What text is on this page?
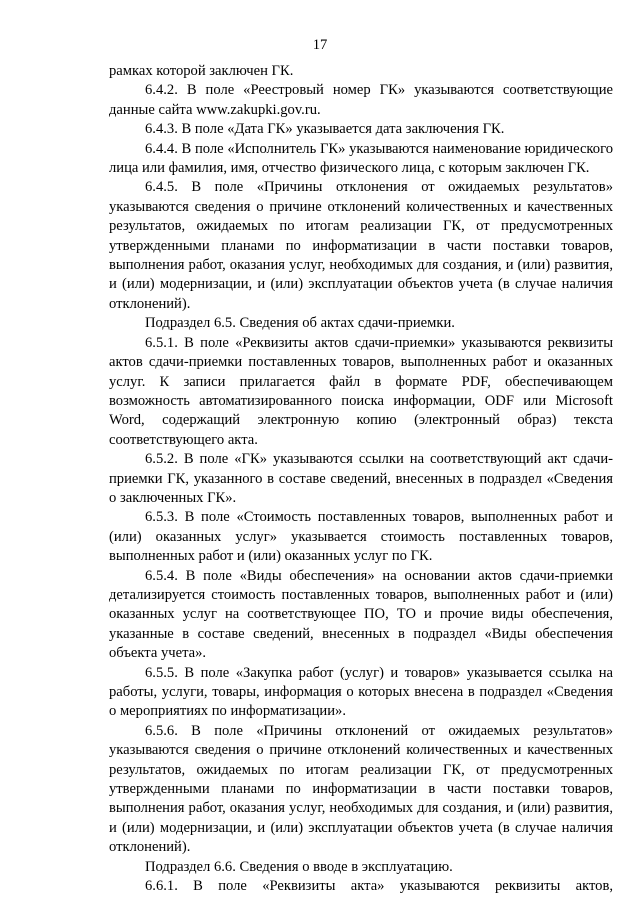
17

рамках которой заключен ГК.

6.4.2. В поле «Реестровый номер ГК» указываются соответствующие данные сайта www.zakupki.gov.ru.

6.4.3. В поле «Дата ГК» указывается дата заключения ГК.

6.4.4. В поле «Исполнитель ГК» указываются наименование юридического лица или фамилия, имя, отчество физического лица, с которым заключен ГК.

6.4.5. В поле «Причины отклонения от ожидаемых результатов» указываются сведения о причине отклонений количественных и качественных результатов, ожидаемых по итогам реализации ГК, от предусмотренных утвержденными планами по информатизации в части поставки товаров, выполнения работ, оказания услуг, необходимых для создания, и (или) развития, и (или) модернизации, и (или) эксплуатации объектов учета (в случае наличия отклонений).

Подраздел 6.5. Сведения об актах сдачи-приемки.

6.5.1. В поле «Реквизиты актов сдачи-приемки» указываются реквизиты актов сдачи-приемки поставленных товаров, выполненных работ и оказанных услуг. К записи прилагается файл в формате PDF, обеспечивающем возможность автоматизированного поиска информации, ODF или Microsoft Word, содержащий электронную копию (электронный образ) текста соответствующего акта.

6.5.2. В поле «ГК» указываются ссылки на соответствующий акт сдачи-приемки ГК, указанного в составе сведений, внесенных в подраздел «Сведения о заключенных ГК».

6.5.3. В поле «Стоимость поставленных товаров, выполненных работ и (или) оказанных услуг» указывается стоимость поставленных товаров, выполненных работ и (или) оказанных услуг по ГК.

6.5.4. В поле «Виды обеспечения» на основании актов сдачи-приемки детализируется стоимость поставленных товаров, выполненных работ и (или) оказанных услуг на соответствующее ПО, ТО и прочие виды обеспечения, указанные в составе сведений, внесенных в подраздел «Виды обеспечения объекта учета».

6.5.5. В поле «Закупка работ (услуг) и товаров» указывается ссылка на работы, услуги, товары, информация о которых внесена в подраздел «Сведения о мероприятиях по информатизации».

6.5.6. В поле «Причины отклонений от ожидаемых результатов» указываются сведения о причине отклонений количественных и качественных результатов, ожидаемых по итогам реализации ГК, от предусмотренных утвержденными планами по информатизации в части поставки товаров, выполнения работ, оказания услуг, необходимых для создания, и (или) развития, и (или) модернизации, и (или) эксплуатации объектов учета (в случае наличия отклонений).

Подраздел 6.6. Сведения о вводе в эксплуатацию.

6.6.1. В поле «Реквизиты акта» указываются реквизиты актов,
